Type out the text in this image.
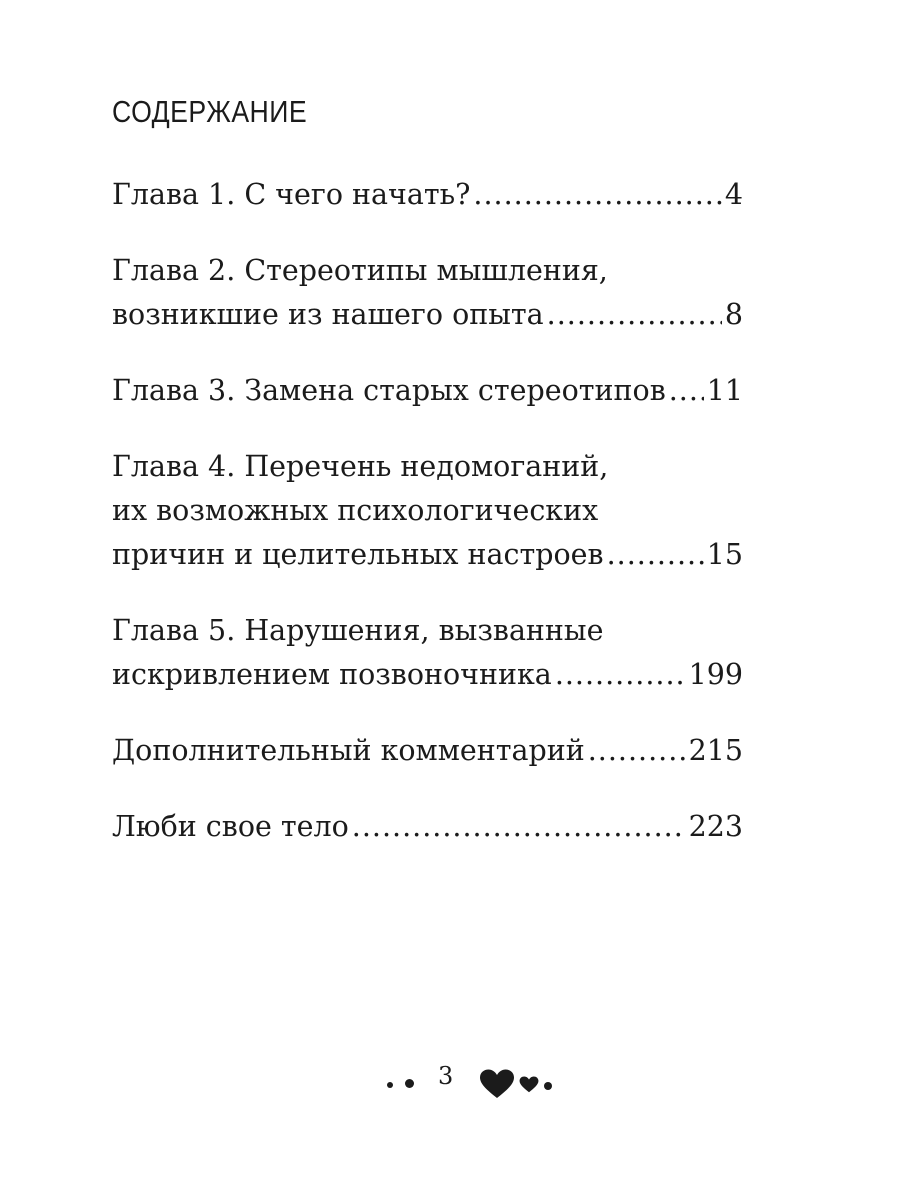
СОДЕРЖАНИЕ
Глава 1. С чего начать? .....	4
Глава 2. Стереотипы мышления,
возникшие из нашего опыта .....	8
Глава 3. Замена старых стереотипов ..... 11
Глава 4. Перечень недомоганий,
их возможных психологических
причин и целительных настроев .....	15
Глава 5. Нарушения, вызванные
искривлением позвоночника .....	199
Дополнительный комментарий .....	215
Люби свое тело .....	223
3
